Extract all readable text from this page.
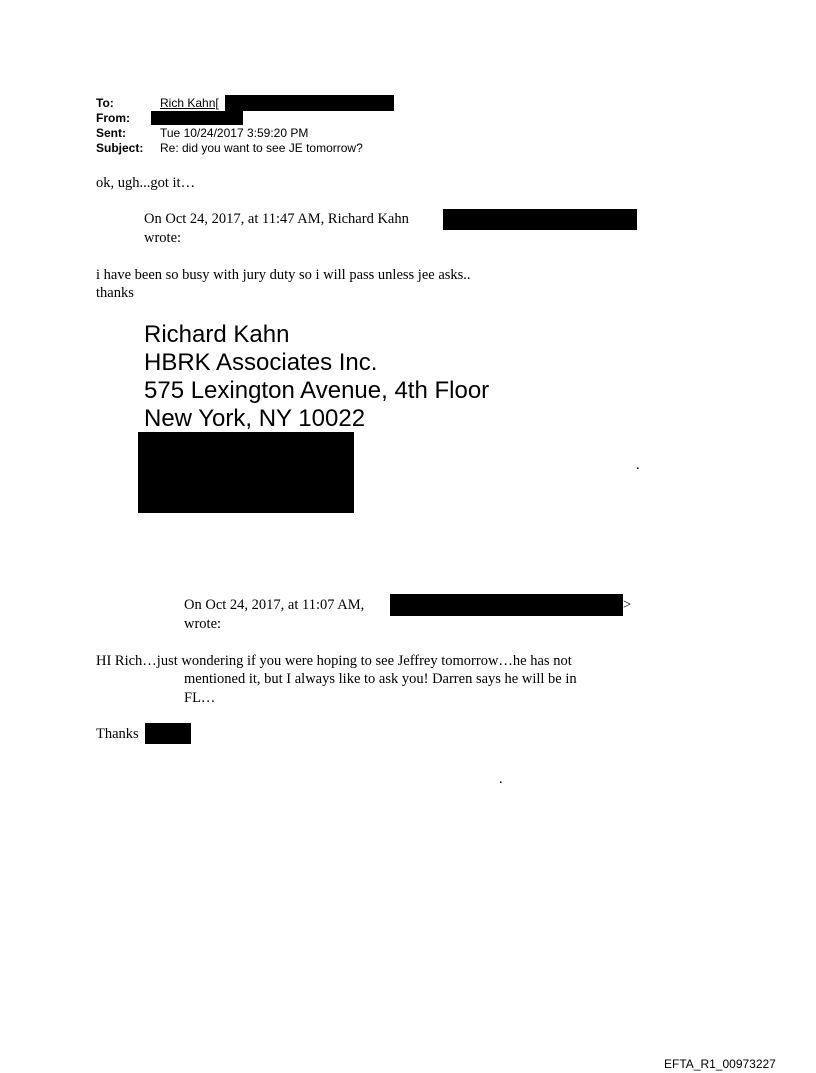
To:	Rich Kahn[
From:
Sent:	Tue 10/24/2017 3:59:20 PM
Subject: Re: did you want to see JE tomorrow?
ok, ugh...got it…
On Oct 24, 2017, at 11:47 AM, Richard Kahn
wrote:
i have been so busy with jury duty so i will pass unless jee asks..
thanks
Richard Kahn
HBRK Associates Inc.
575 Lexington Avenue, 4th Floor
New York, NY 10022
.
On Oct 24, 2017, at 11:07 AM,	>
wrote:
HI Rich…just wondering if you were hoping to see Jeffrey tomorrow…he has not
mentioned it, but I always like to ask you! Darren says he will be in
FL…
Thanks
.
EFTA_R1_00973227
